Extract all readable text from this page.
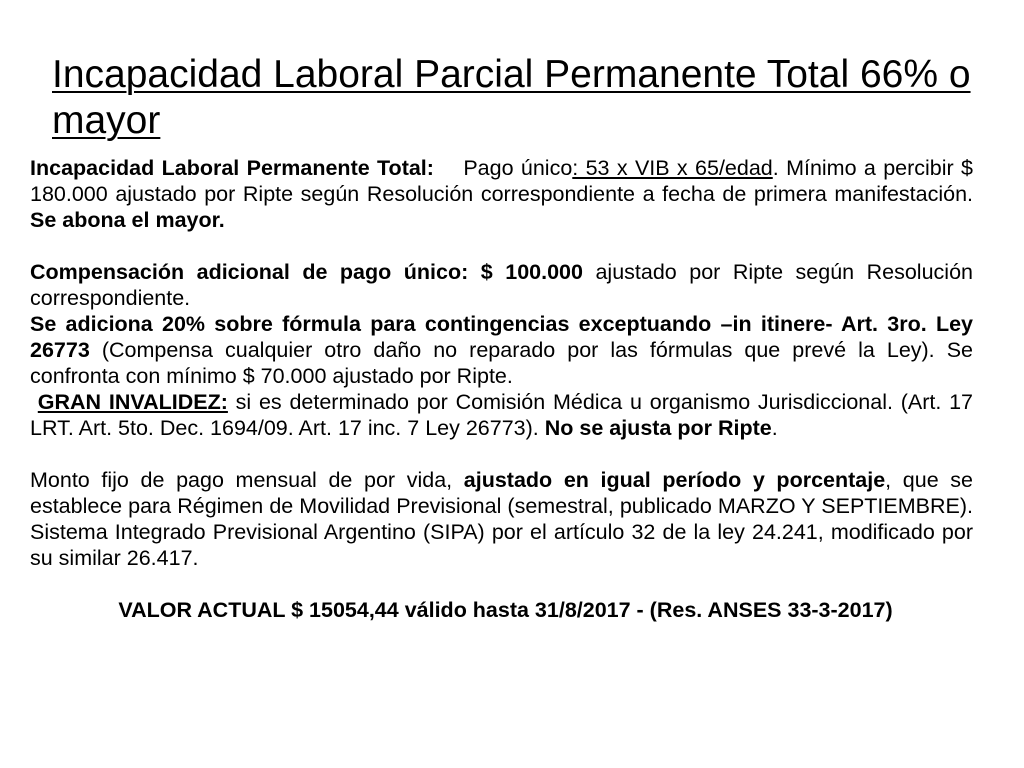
Incapacidad Laboral Parcial Permanente Total 66% o mayor

Incapacidad Laboral Permanente Total: Pago único: 53 x VIB x 65/edad. Mínimo a percibir $ 180.000 ajustado por Ripte según Resolución correspondiente a fecha de primera manifestación. Se abona el mayor.

Compensación adicional de pago único: $ 100.000 ajustado por Ripte según Resolución correspondiente.

Se adiciona 20% sobre fórmula para contingencias exceptuando –in itinere- Art. 3ro. Ley 26773 (Compensa cualquier otro daño no reparado por las fórmulas que prevé la Ley). Se confronta con mínimo $ 70.000 ajustado por Ripte.

GRAN INVALIDEZ: si es determinado por Comisión Médica u organismo Jurisdiccional. (Art. 17 LRT. Art. 5to. Dec. 1694/09. Art. 17 inc. 7 Ley 26773). No se ajusta por Ripte.

Monto fijo de pago mensual de por vida, ajustado en igual período y porcentaje, que se establece para Régimen de Movilidad Previsional (semestral, publicado MARZO Y SEPTIEMBRE). Sistema Integrado Previsional Argentino (SIPA) por el artículo 32 de la ley 24.241, modificado por su similar 26.417.

VALOR ACTUAL $ 15054,44 válido hasta 31/8/2017 - (Res. ANSES 33-3-2017)
